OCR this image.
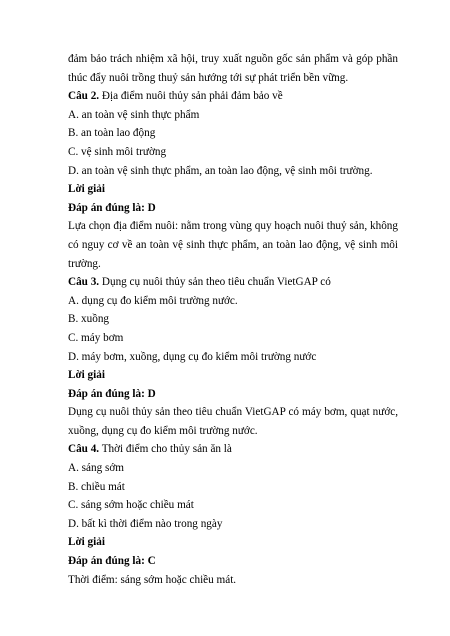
đảm bảo trách nhiệm xã hội, truy xuất nguồn gốc sản phẩm và góp phần

thúc đẩy nuôi trồng thuỷ sản hướng tới sự phát triển bền vững.

Câu 2. Địa điểm nuôi thủy sản phải đảm bảo về

A. an toàn vệ sinh thực phẩm

B. an toàn lao động

C. vệ sinh môi trường

D. an toàn vệ sinh thực phẩm, an toàn lao động, vệ sinh môi trường.

Lời giải

Đáp án đúng là: D

Lựa chọn địa điểm nuôi: nằm trong vùng quy hoạch nuôi thuỷ sản, không

có nguy cơ về an toàn vệ sinh thực phẩm, an toàn lao động, vệ sinh môi

trường.

Câu 3. Dụng cụ nuôi thủy sản theo tiêu chuẩn VietGAP có

A. dụng cụ đo kiểm môi trường nước.

B. xuồng

C. máy bơm

D. máy bơm, xuồng, dụng cụ đo kiểm môi trường nước

Lời giải

Đáp án đúng là: D

Dụng cụ nuôi thủy sản theo tiêu chuẩn VietGAP có máy bơm, quạt nước,

xuồng, dụng cụ đo kiểm môi trường nước.

Câu 4. Thời điểm cho thủy sản ăn là

A. sáng sớm

B. chiều mát

C. sáng sớm hoặc chiều mát

D. bất kì thời điểm nào trong ngày

Lời giải

Đáp án đúng là: C

Thời điểm: sáng sớm hoặc chiều mát.
